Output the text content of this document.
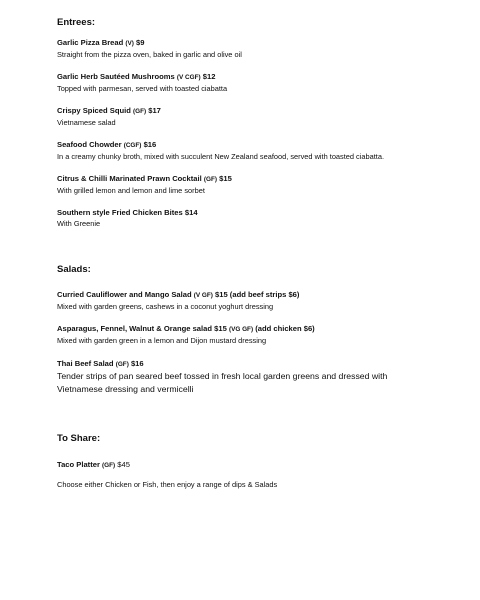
Entrees:
Garlic Pizza Bread (V) $9
Straight from the pizza oven, baked in garlic and olive oil
Garlic Herb Sautéed Mushrooms (V CGF) $12
Topped with parmesan, served with toasted ciabatta
Crispy Spiced Squid (GF) $17
Vietnamese salad
Seafood Chowder (CGF) $16
In a creamy chunky broth, mixed with succulent New Zealand seafood, served with toasted ciabatta.
Citrus & Chilli Marinated Prawn Cocktail (GF) $15
With grilled lemon and lemon and lime sorbet
Southern style Fried Chicken Bites $14
With Greenie
Salads:
Curried Cauliflower and Mango Salad (V GF) $15 (add beef strips $6)
Mixed with garden greens, cashews in a coconut yoghurt dressing
Asparagus, Fennel, Walnut & Orange salad $15 (VG GF) (add chicken $6)
Mixed with garden green in a lemon and Dijon mustard dressing
Thai Beef Salad (GF) $16
Tender strips of pan seared beef tossed in fresh local garden greens and dressed with
Vietnamese dressing and vermicelli
To Share:
Taco Platter (GF) $45
Choose either Chicken or Fish, then enjoy a range of dips & Salads
